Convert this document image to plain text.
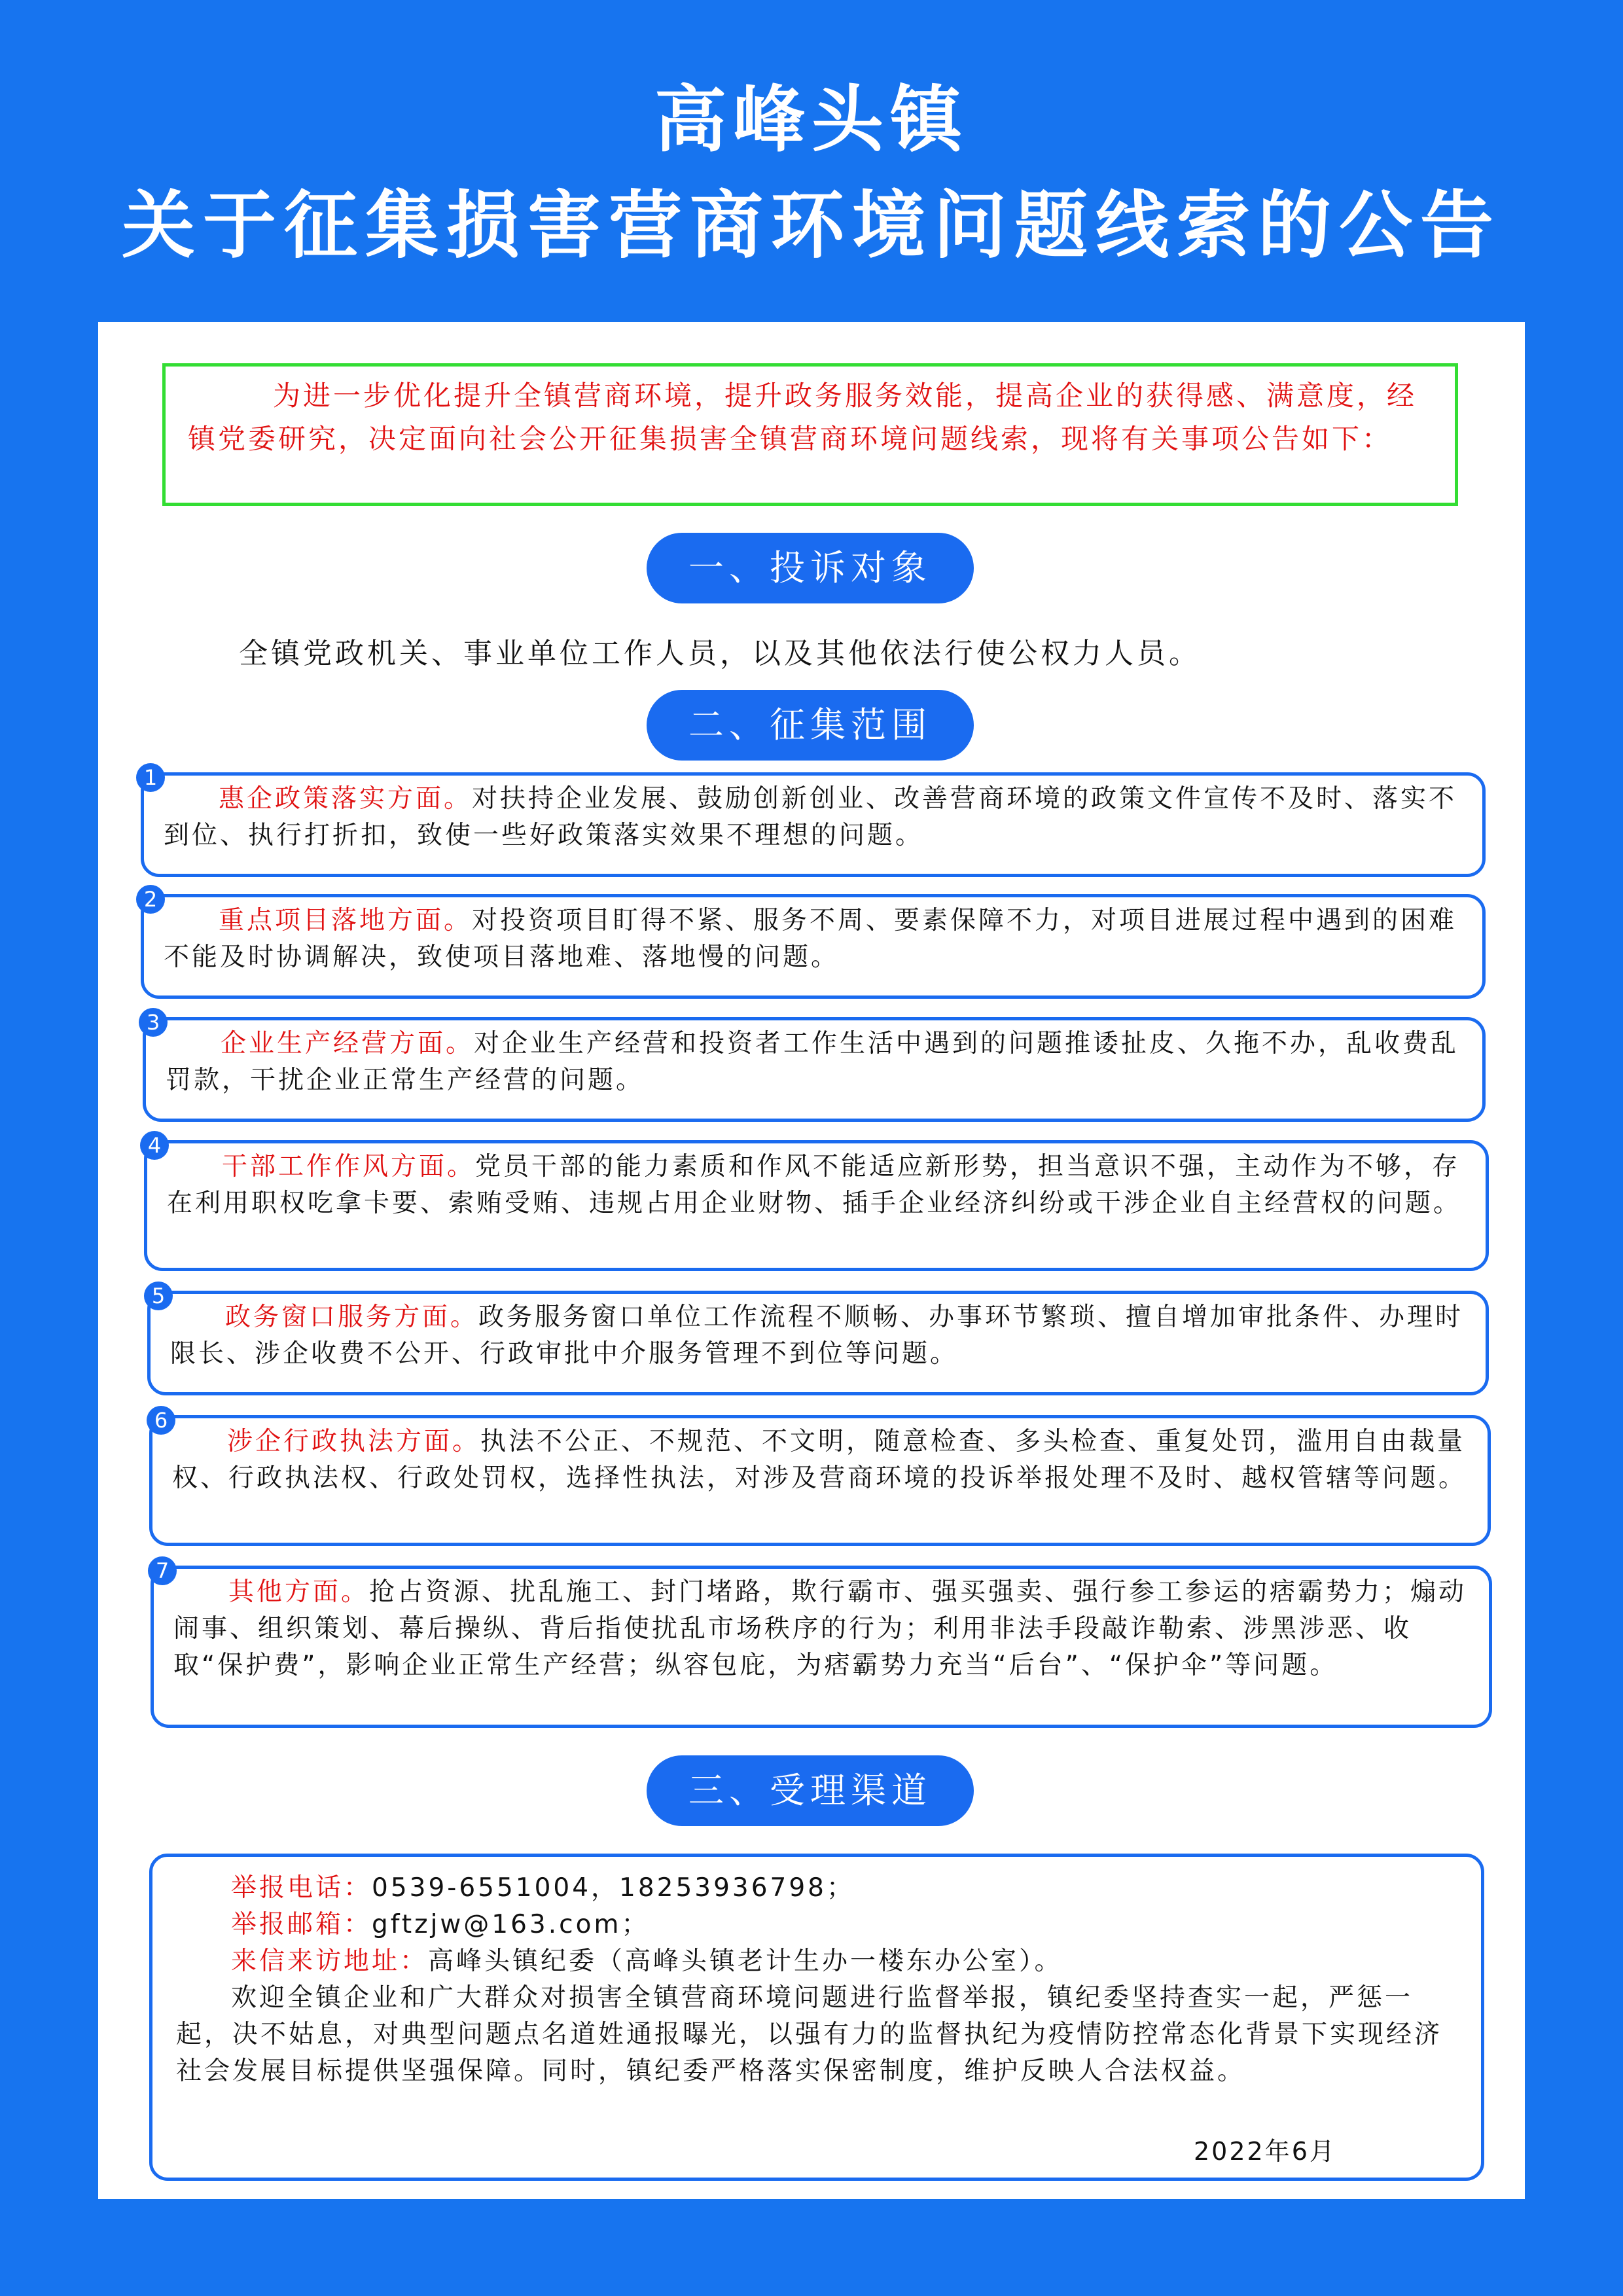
高峰头镇
关于征集损害营商环境问题线索的公告
为进一步优化提升全镇营商环境，提升政务服务效能，提高企业的获得感、满意度，经镇党委研究，决定面向社会公开征集损害全镇营商环境问题线索，现将有关事项公告如下：
一、投诉对象
全镇党政机关、事业单位工作人员，以及其他依法行使公权力人员。
二、征集范围
惠企政策落实方面。对扶持企业发展、鼓励创新创业、改善营商环境的政策文件宣传不及时、落实不到位、执行打折扣，致使一些好政策落实效果不理想的问题。
1
重点项目落地方面。对投资项目盯得不紧、服务不周、要素保障不力，对项目进展过程中遇到的困难不能及时协调解决，致使项目落地难、落地慢的问题。
2
企业生产经营方面。对企业生产经营和投资者工作生活中遇到的问题推诿扯皮、久拖不办，乱收费乱罚款，干扰企业正常生产经营的问题。
3
干部工作作风方面。党员干部的能力素质和作风不能适应新形势，担当意识不强，主动作为不够，存在利用职权吃拿卡要、索贿受贿、违规占用企业财物、插手企业经济纠纷或干涉企业自主经营权的问题。
4
政务窗口服务方面。政务服务窗口单位工作流程不顺畅、办事环节繁琐、擅自增加审批条件、办理时限长、涉企收费不公开、行政审批中介服务管理不到位等问题。
5
涉企行政执法方面。执法不公正、不规范、不文明，随意检查、多头检查、重复处罚，滥用自由裁量权、行政执法权、行政处罚权，选择性执法，对涉及营商环境的投诉举报处理不及时、越权管辖等问题。
6
其他方面。抢占资源、扰乱施工、封门堵路，欺行霸市、强买强卖、强行参工参运的痞霸势力；煽动闹事、组织策划、幕后操纵、背后指使扰乱市场秩序的行为；利用非法手段敲诈勒索、涉黑涉恶、收取“保护费”，影响企业正常生产经营；纵容包庇，为痞霸势力充当“后台”、“保护伞”等问题。
7
三、受理渠道
举报电话：0539-6551004，18253936798；
举报邮箱：gftzjw@163.com；
来信来访地址：高峰头镇纪委（高峰头镇老计生办一楼东办公室）。
欢迎全镇企业和广大群众对损害全镇营商环境问题进行监督举报，镇纪委坚持查实一起，严惩一起，决不姑息，对典型问题点名道姓通报曝光，以强有力的监督执纪为疫情防控常态化背景下实现经济社会发展目标提供坚强保障。同时，镇纪委严格落实保密制度，维护反映人合法权益。
2022年6月
